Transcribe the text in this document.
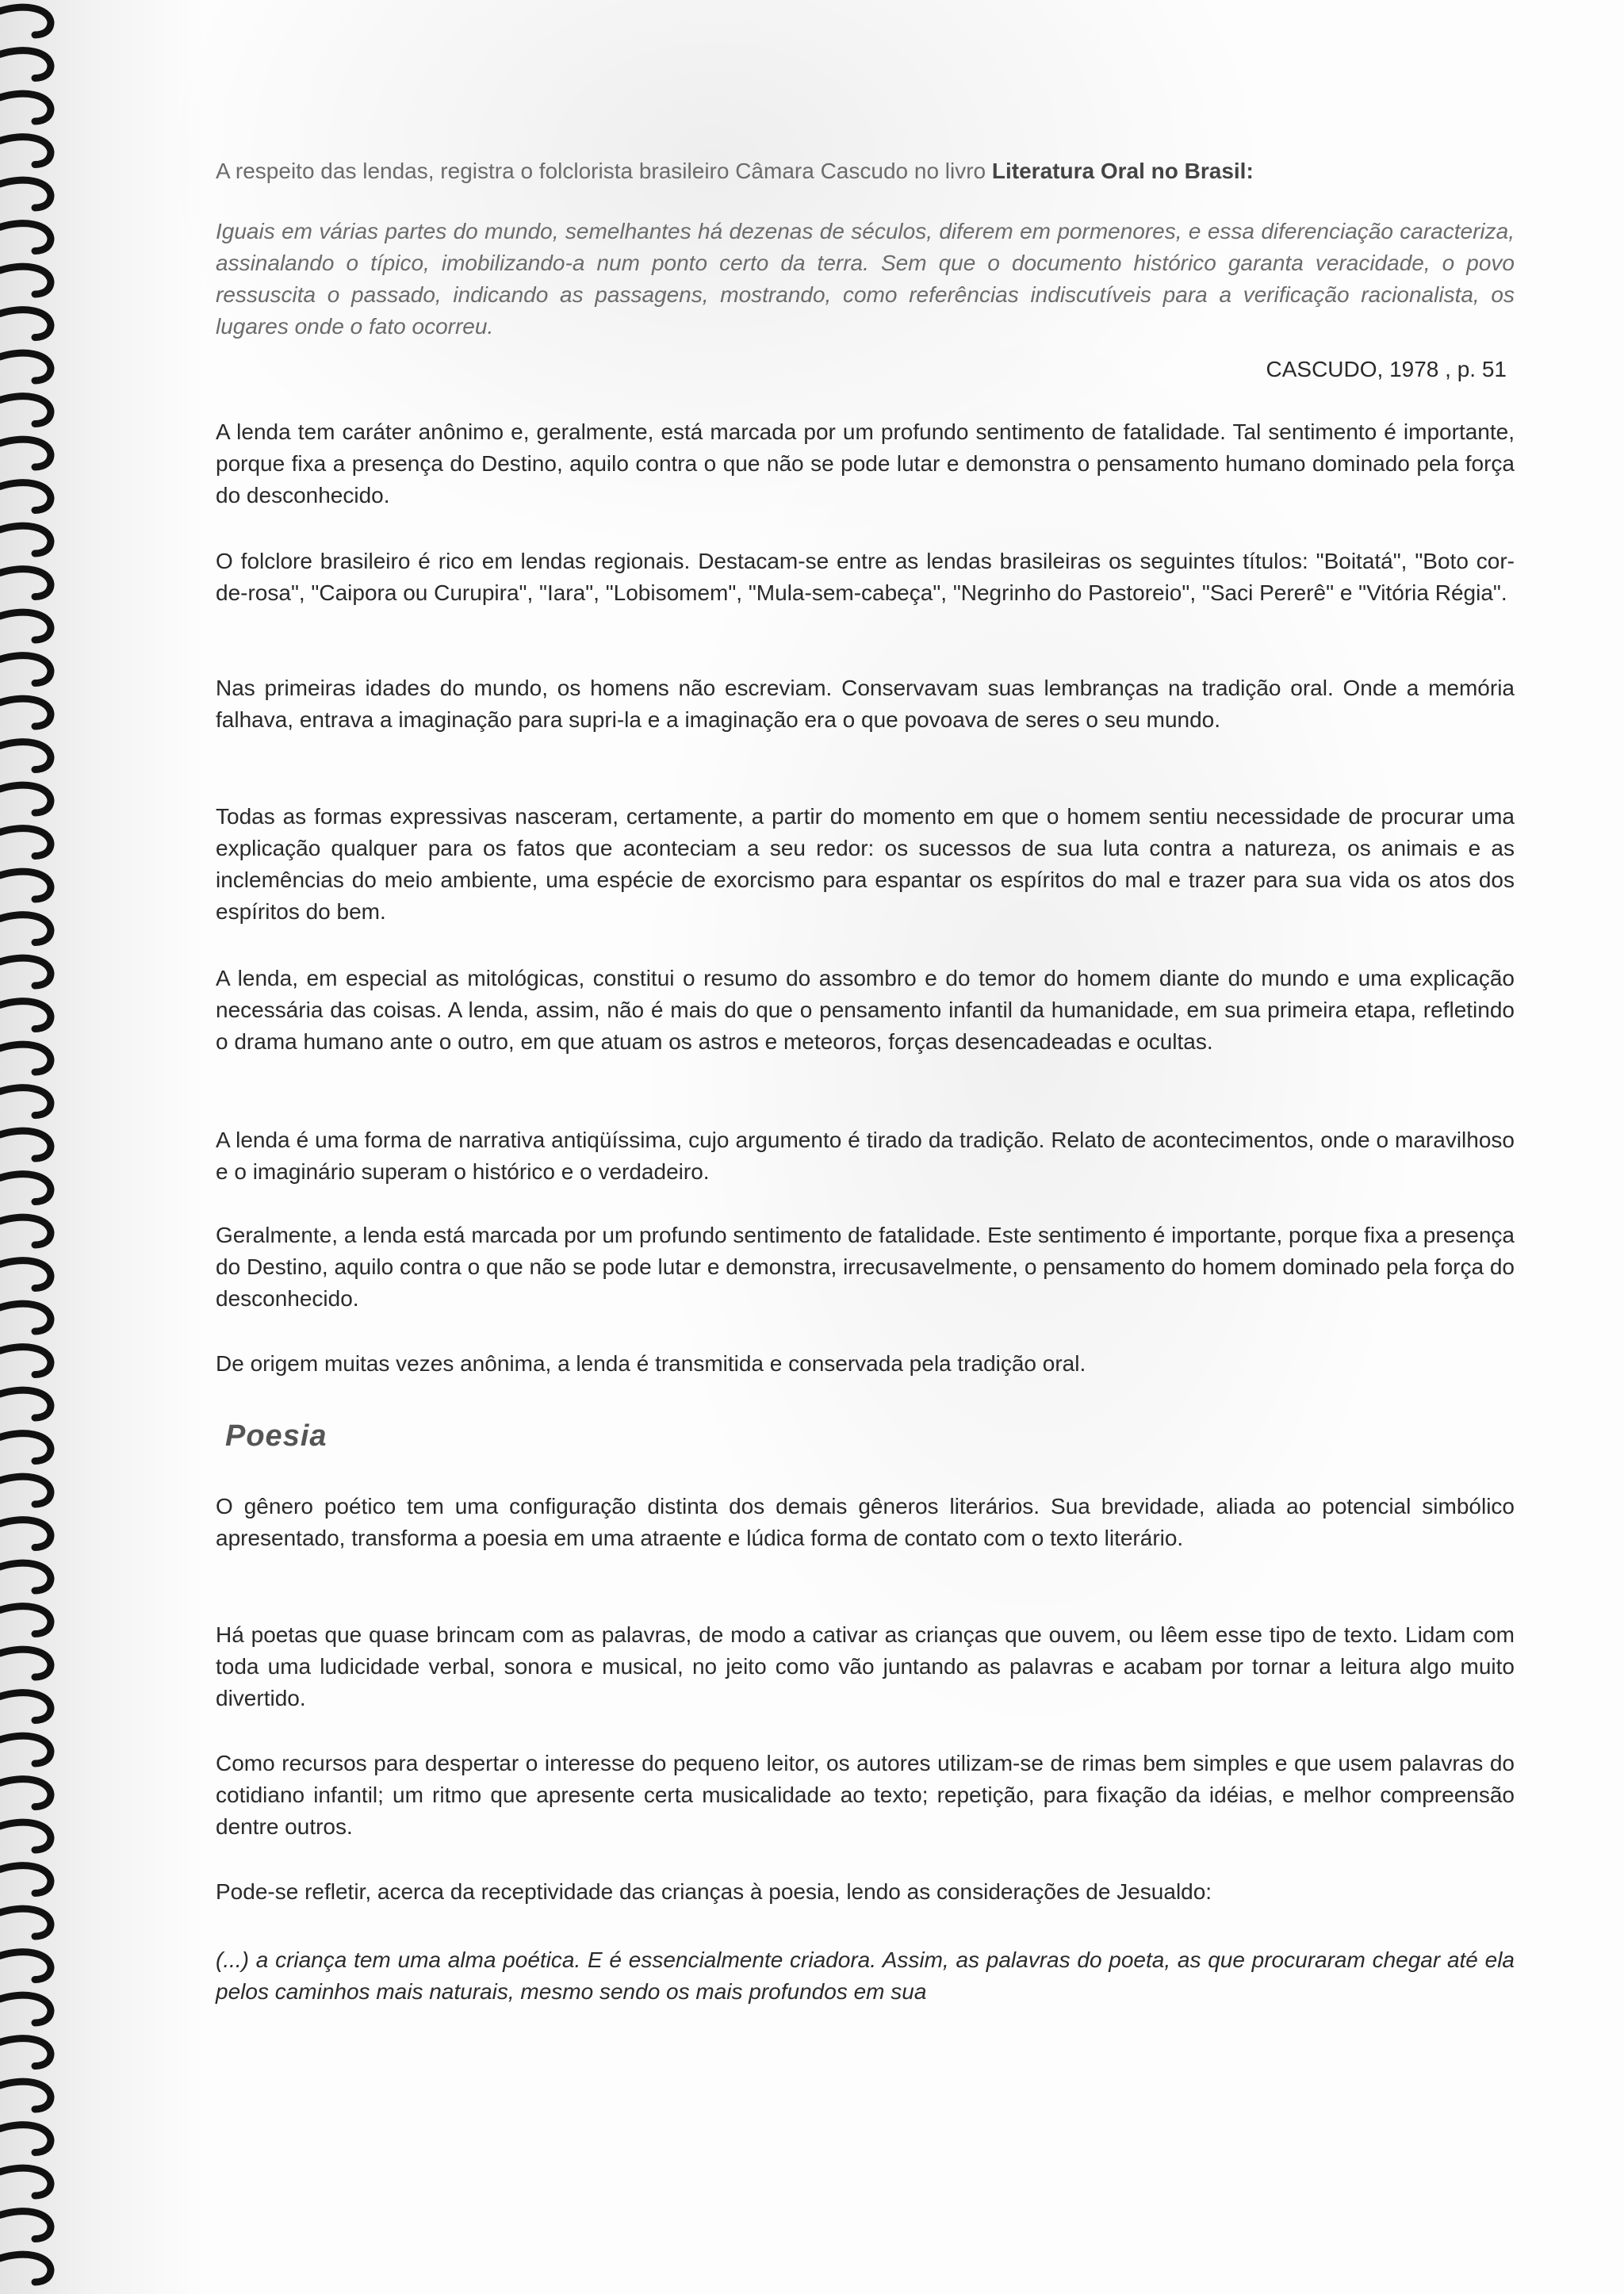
A respeito das lendas, registra o folclorista brasileiro Câmara Cascudo no livro Literatura Oral no Brasil:

Iguais em várias partes do mundo, semelhantes há dezenas de séculos, diferem em pormenores, e essa diferenciação caracteriza, assinalando o típico, imobilizando-a num ponto certo da terra. Sem que o documento histórico garanta veracidade, o povo ressuscita o passado, indicando as passagens, mostrando, como referências indiscutíveis para a verificação racionalista, os lugares onde o fato ocorreu.

CASCUDO, 1978 , p. 51

A lenda tem caráter anônimo e, geralmente, está marcada por um profundo sentimento de fatalidade. Tal sentimento é importante, porque fixa a presença do Destino, aquilo contra o que não se pode lutar e demonstra o pensamento humano dominado pela força do desconhecido.

O folclore brasileiro é rico em lendas regionais. Destacam-se entre as lendas brasileiras os seguintes títulos: "Boitatá", "Boto cor-de-rosa", "Caipora ou Curupira", "Iara", "Lobisomem", "Mula-sem-cabeça", "Negrinho do Pastoreio", "Saci Pererê" e "Vitória Régia".

Nas primeiras idades do mundo, os homens não escreviam. Conservavam suas lembranças na tradição oral. Onde a memória falhava, entrava a imaginação para supri-la e a imaginação era o que povoava de seres o seu mundo.

Todas as formas expressivas nasceram, certamente, a partir do momento em que o homem sentiu necessidade de procurar uma explicação qualquer para os fatos que aconteciam a seu redor: os sucessos de sua luta contra a natureza, os animais e as inclemências do meio ambiente, uma espécie de exorcismo para espantar os espíritos do mal e trazer para sua vida os atos dos espíritos do bem.

A lenda, em especial as mitológicas, constitui o resumo do assombro e do temor do homem diante do mundo e uma explicação necessária das coisas. A lenda, assim, não é mais do que o pensamento infantil da humanidade, em sua primeira etapa, refletindo o drama humano ante o outro, em que atuam os astros e meteoros, forças desencadeadas e ocultas.

A lenda é uma forma de narrativa antiqüíssima, cujo argumento é tirado da tradição. Relato de acontecimentos, onde o maravilhoso e o imaginário superam o histórico e o verdadeiro.

Geralmente, a lenda está marcada por um profundo sentimento de fatalidade. Este sentimento é importante, porque fixa a presença do Destino, aquilo contra o que não se pode lutar e demonstra, irrecusavelmente, o pensamento do homem dominado pela força do desconhecido.

De origem muitas vezes anônima, a lenda é transmitida e conservada pela tradição oral.

Poesia

O gênero poético tem uma configuração distinta dos demais gêneros literários. Sua brevidade, aliada ao potencial simbólico apresentado, transforma a poesia em uma atraente e lúdica forma de contato com o texto literário.

Há poetas que quase brincam com as palavras, de modo a cativar as crianças que ouvem, ou lêem esse tipo de texto. Lidam com toda uma ludicidade verbal, sonora e musical, no jeito como vão juntando as palavras e acabam por tornar a leitura algo muito divertido.

Como recursos para despertar o interesse do pequeno leitor, os autores utilizam-se de rimas bem simples e que usem palavras do cotidiano infantil; um ritmo que apresente certa musicalidade ao texto; repetição, para fixação da idéias, e melhor compreensão dentre outros.

Pode-se refletir, acerca da receptividade das crianças à poesia, lendo as considerações de Jesualdo:

(...) a criança tem uma alma poética. E é essencialmente criadora. Assim, as palavras do poeta, as que procuraram chegar até ela pelos caminhos mais naturais, mesmo sendo os mais profundos em sua
